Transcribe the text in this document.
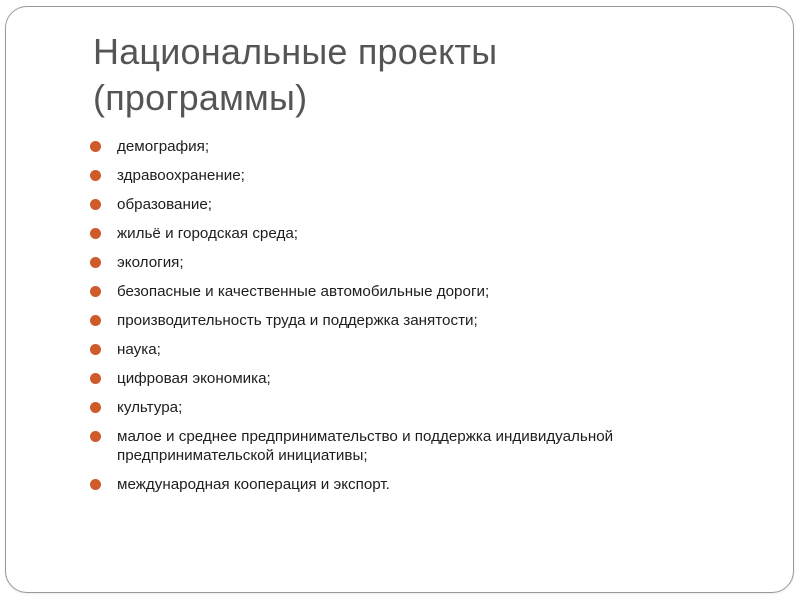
Национальные проекты
(программы)
демография;
здравоохранение;
образование;
жильё и городская среда;
экология;
безопасные и качественные автомобильные дороги;
производительность труда и поддержка занятости;
наука;
цифровая экономика;
культура;
малое и среднее предпринимательство и поддержка индивидуальной предпринимательской инициативы;
международная кооперация и экспорт.
